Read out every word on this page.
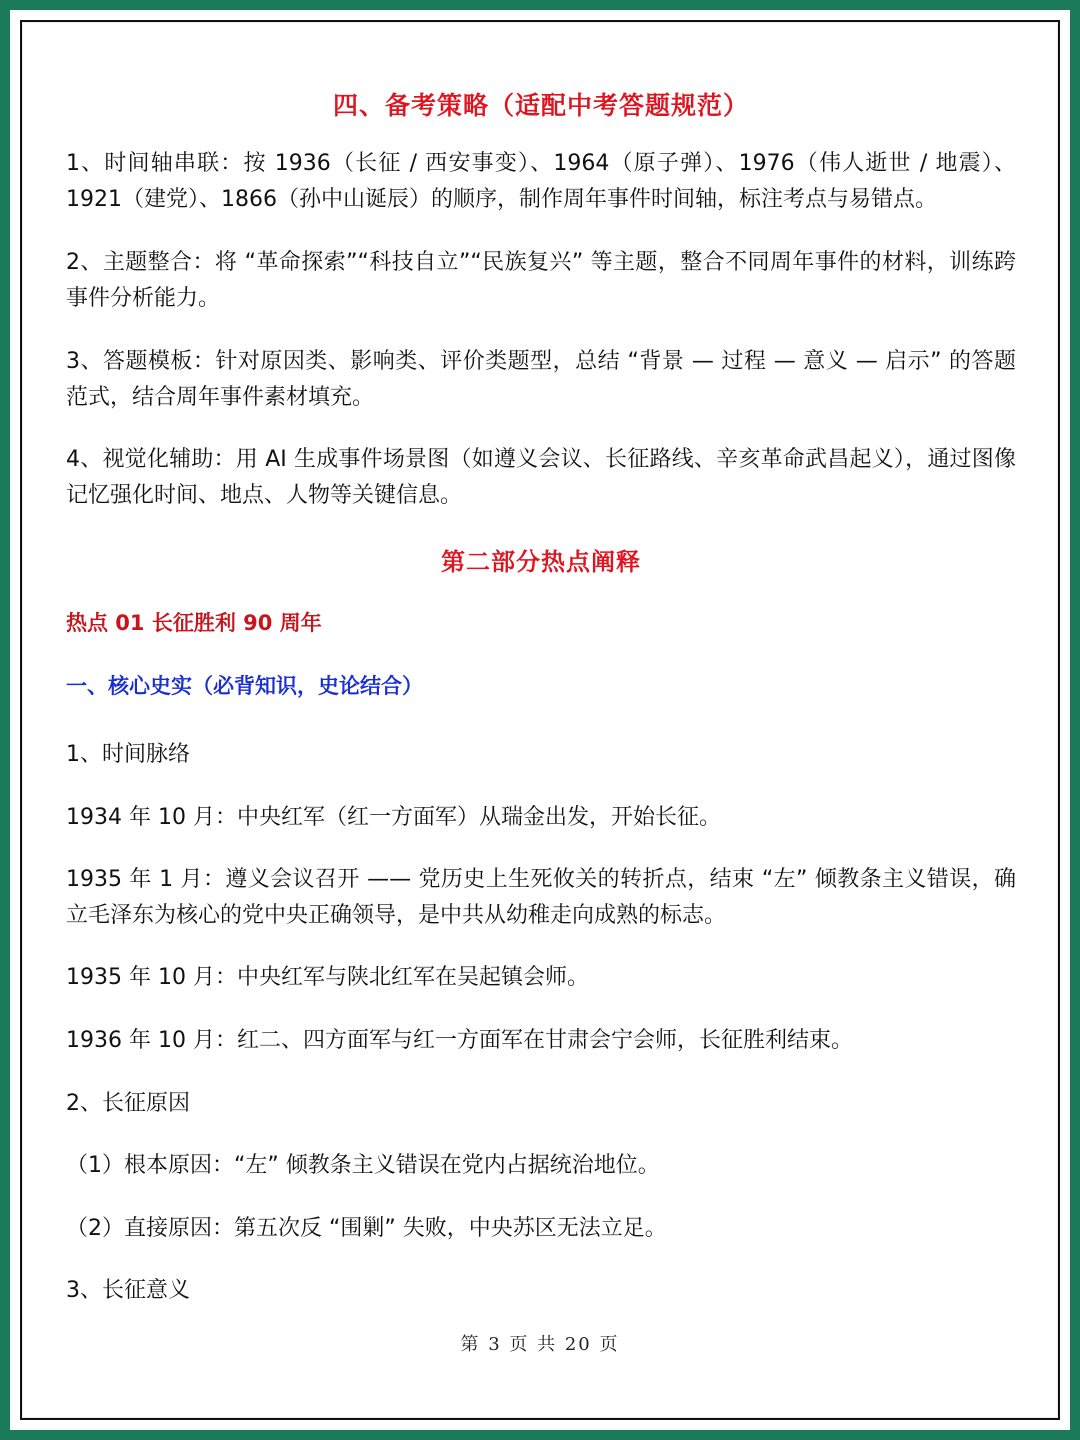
四、备考策略（适配中考答题规范）
1、时间轴串联：按 1936（长征 / 西安事变）、1964（原子弹）、1976（伟人逝世 / 地震）、1921（建党）、1866（孙中山诞辰）的顺序，制作周年事件时间轴，标注考点与易错点。
2、主题整合：将 “革命探索”“科技自立”“民族复兴” 等主题，整合不同周年事件的材料，训练跨事件分析能力。
3、答题模板：针对原因类、影响类、评价类题型，总结 “背景 — 过程 — 意义 — 启示” 的答题范式，结合周年事件素材填充。
4、视觉化辅助：用 AI 生成事件场景图（如遵义会议、长征路线、辛亥革命武昌起义），通过图像记忆强化时间、地点、人物等关键信息。
第二部分热点阐释
热点 01 长征胜利 90 周年
一、核心史实（必背知识，史论结合）
1、时间脉络
1934 年 10 月：中央红军（红一方面军）从瑞金出发，开始长征。
1935 年 1 月：遵义会议召开 —— 党历史上生死攸关的转折点，结束 “左” 倾教条主义错误，确立毛泽东为核心的党中央正确领导，是中共从幼稚走向成熟的标志。
1935 年 10 月：中央红军与陕北红军在吴起镇会师。
1936 年 10 月：红二、四方面军与红一方面军在甘肃会宁会师，长征胜利结束。
2、长征原因
（1）根本原因：“左” 倾教条主义错误在党内占据统治地位。
（2）直接原因：第五次反 “围剿” 失败，中央苏区无法立足。
3、长征意义
第 3 页 共 20 页
